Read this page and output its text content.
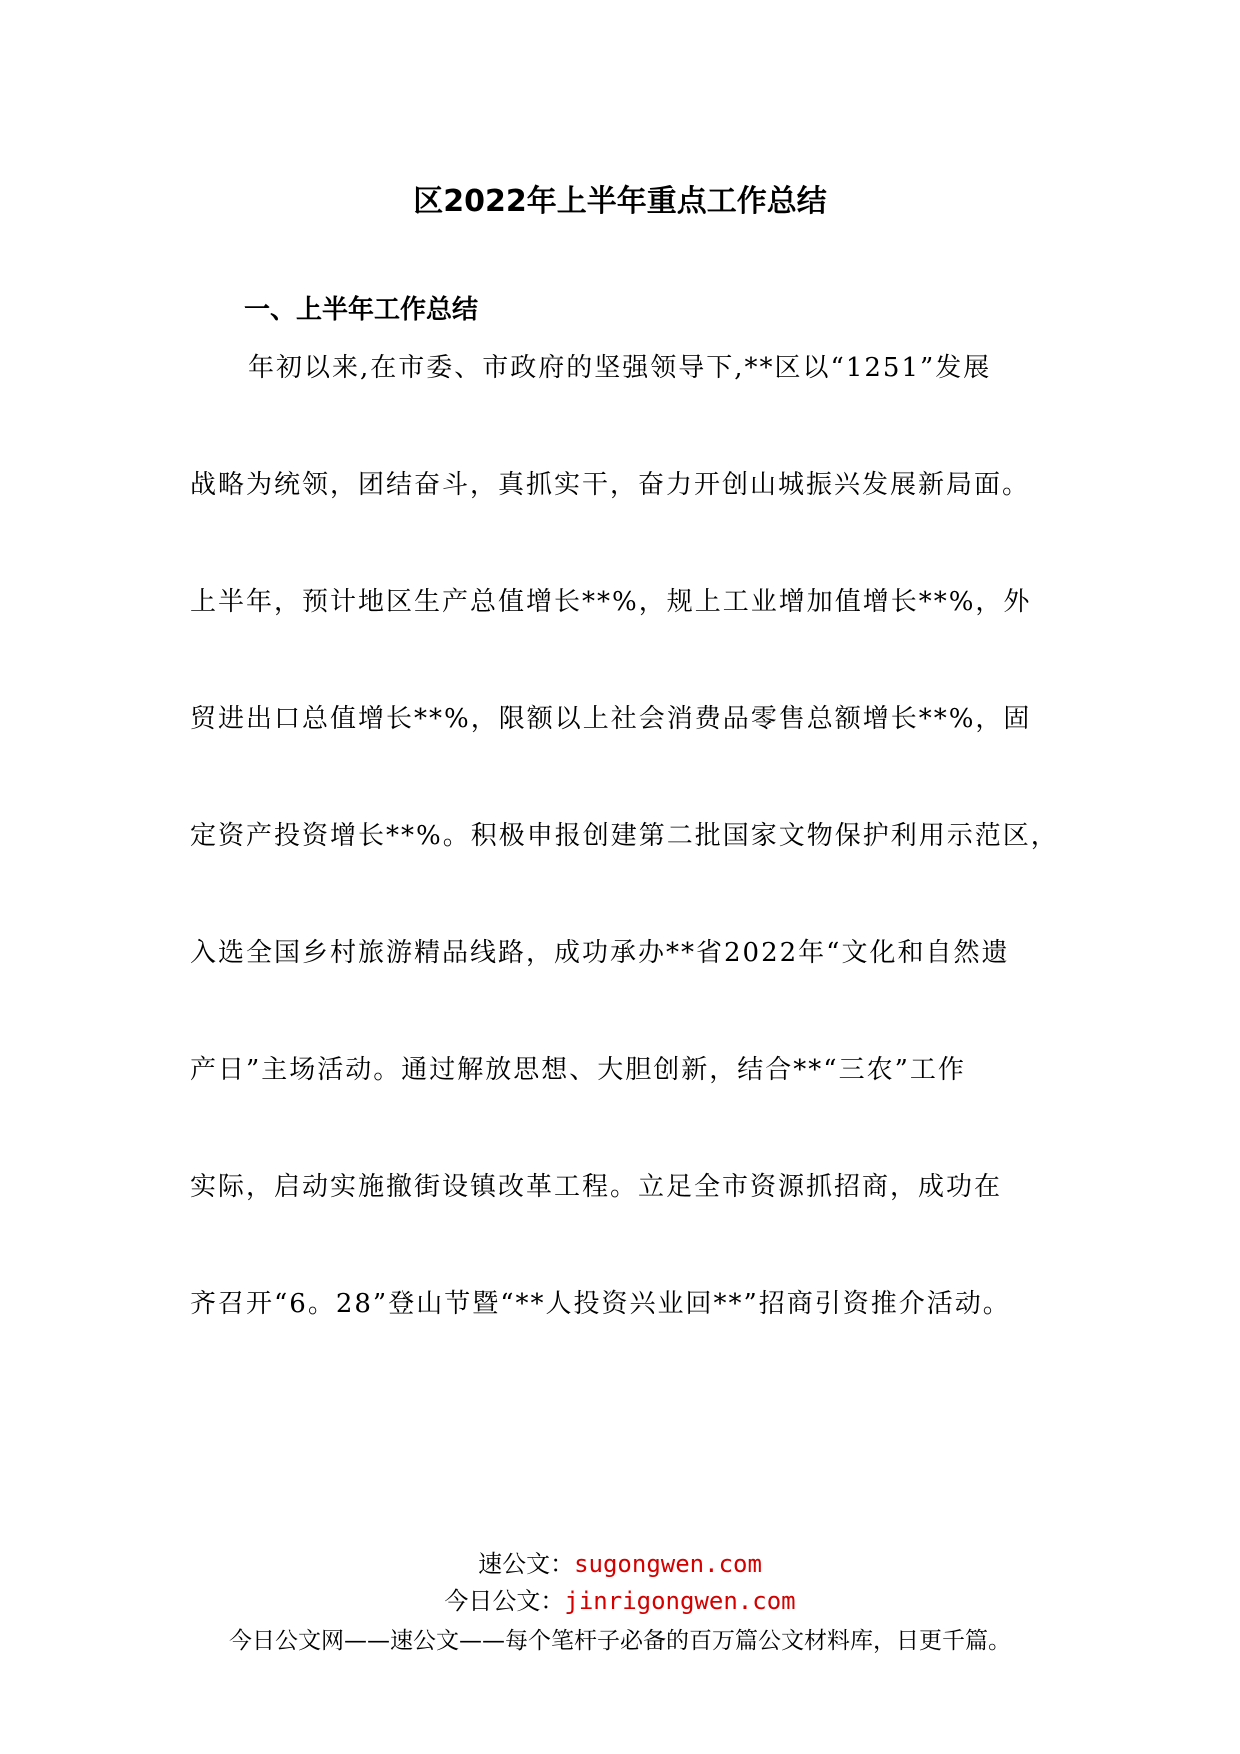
区2022年上半年重点工作总结
一、上半年工作总结
年初以来,在市委、市政府的坚强领导下,**区以“1251”发展
战略为统领，团结奋斗，真抓实干，奋力开创山城振兴发展新局面。
上半年，预计地区生产总值增长**%，规上工业增加值增长**%，外
贸进出口总值增长**%，限额以上社会消费品零售总额增长**%，固
定资产投资增长**%。积极申报创建第二批国家文物保护利用示范区，
入选全国乡村旅游精品线路，成功承办**省2022年“文化和自然遗
产日”主场活动。通过解放思想、大胆创新，结合**“三农”工作
实际，启动实施撤街设镇改革工程。立足全市资源抓招商，成功在
齐召开“6。28”登山节暨“**人投资兴业回**”招商引资推介活动。
速公文：sugongwen.com
今日公文：jinrigongwen.com
今日公文网——速公文——每个笔杆子必备的百万篇公文材料库，日更千篇。
